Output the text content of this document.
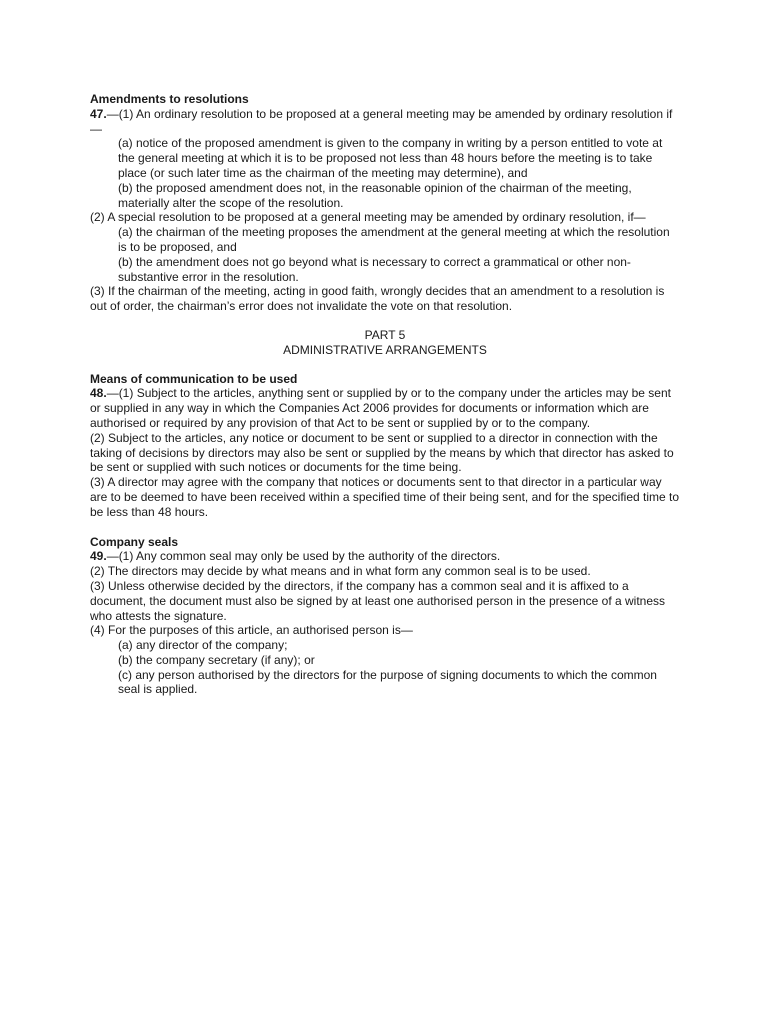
Amendments to resolutions
47.—(1) An ordinary resolution to be proposed at a general meeting may be amended by ordinary resolution if—
(a) notice of the proposed amendment is given to the company in writing by a person entitled to vote at the general meeting at which it is to be proposed not less than 48 hours before the meeting is to take place (or such later time as the chairman of the meeting may determine), and
(b) the proposed amendment does not, in the reasonable opinion of the chairman of the meeting, materially alter the scope of the resolution.
(2) A special resolution to be proposed at a general meeting may be amended by ordinary resolution, if—
(a) the chairman of the meeting proposes the amendment at the general meeting at which the resolution is to be proposed, and
(b) the amendment does not go beyond what is necessary to correct a grammatical or other non-substantive error in the resolution.
(3) If the chairman of the meeting, acting in good faith, wrongly decides that an amendment to a resolution is out of order, the chairman’s error does not invalidate the vote on that resolution.
PART 5
ADMINISTRATIVE ARRANGEMENTS
Means of communication to be used
48.—(1) Subject to the articles, anything sent or supplied by or to the company under the articles may be sent or supplied in any way in which the Companies Act 2006 provides for documents or information which are authorised or required by any provision of that Act to be sent or supplied by or to the company.
(2) Subject to the articles, any notice or document to be sent or supplied to a director in connection with the taking of decisions by directors may also be sent or supplied by the means by which that director has asked to be sent or supplied with such notices or documents for the time being.
(3) A director may agree with the company that notices or documents sent to that director in a particular way are to be deemed to have been received within a specified time of their being sent, and for the specified time to be less than 48 hours.
Company seals
49.—(1) Any common seal may only be used by the authority of the directors.
(2) The directors may decide by what means and in what form any common seal is to be used.
(3) Unless otherwise decided by the directors, if the company has a common seal and it is affixed to a document, the document must also be signed by at least one authorised person in the presence of a witness who attests the signature.
(4) For the purposes of this article, an authorised person is—
(a) any director of the company;
(b) the company secretary (if any); or
(c) any person authorised by the directors for the purpose of signing documents to which the common seal is applied.
